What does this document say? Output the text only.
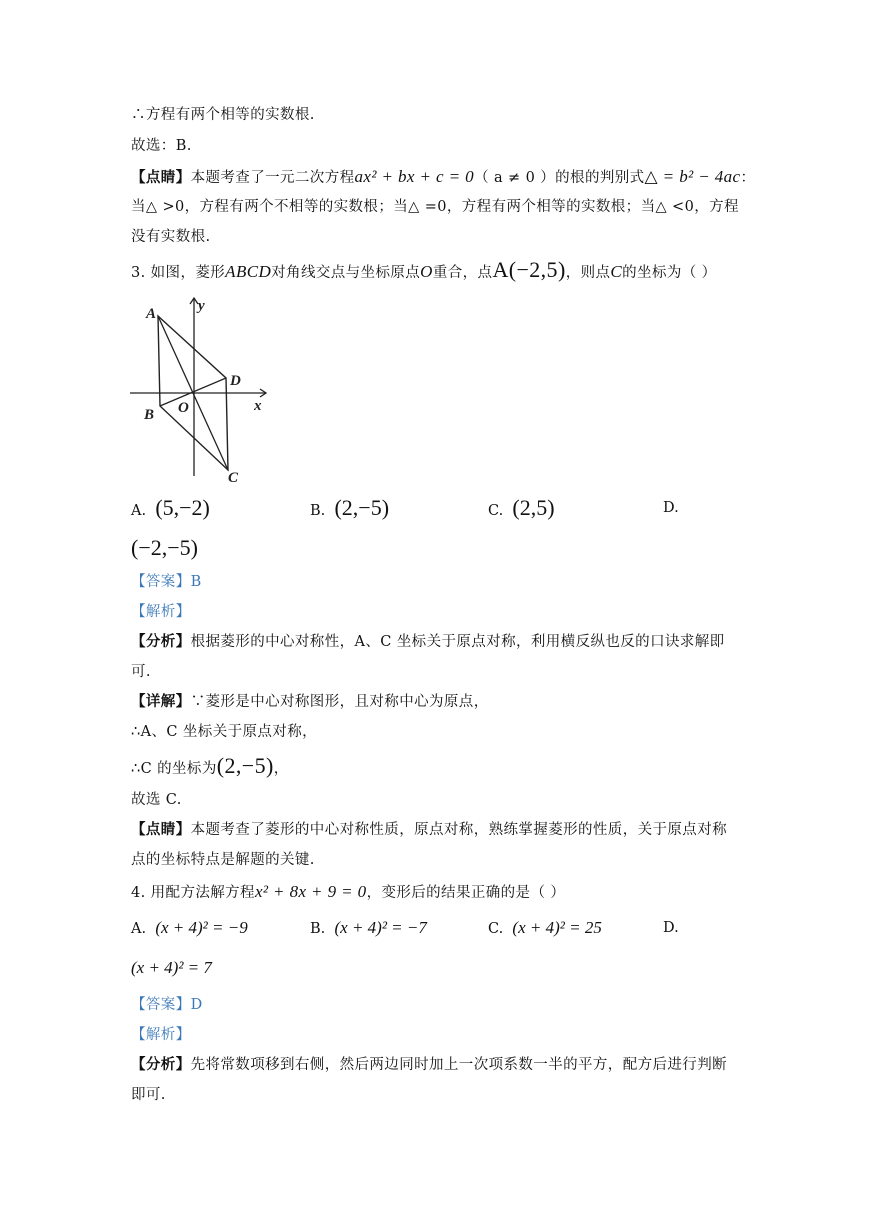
∴方程有两个相等的实数根.
故选：B.
【点睛】本题考查了一元二次方程ax² + bx + c = 0（ a ≠ 0 ）的根的判别式△ = b² − 4ac：
当△ >0，方程有两个不相等的实数根；当△ =0，方程有两个相等的实数根；当△ <0，方程
没有实数根.
3. 如图，菱形ABCD对角线交点与坐标原点O重合，点A(−2,5)，则点C的坐标为（ ）
A
B
C
D
O	x
y
A. (5,−2)	B. (2,−5)	C. (2,5)	D.
(−2,−5)
【答案】B
【解析】
【分析】根据菱形的中心对称性，A、C 坐标关于原点对称，利用横反纵也反的口诀求解即
可.
【详解】∵菱形是中心对称图形，且对称中心为原点，
∴A、C 坐标关于原点对称，
∴C 的坐标为(2,−5)，
故选 C.
【点睛】本题考查了菱形的中心对称性质，原点对称，熟练掌握菱形的性质，关于原点对称
点的坐标特点是解题的关键.
4. 用配方法解方程x² + 8x + 9 = 0，变形后的结果正确的是（ ）
A. (x + 4)² = −9	B. (x + 4)² = −7	C. (x + 4)² = 25	D.
(x + 4)² = 7
【答案】D
【解析】
【分析】先将常数项移到右侧，然后两边同时加上一次项系数一半的平方，配方后进行判断
即可.
